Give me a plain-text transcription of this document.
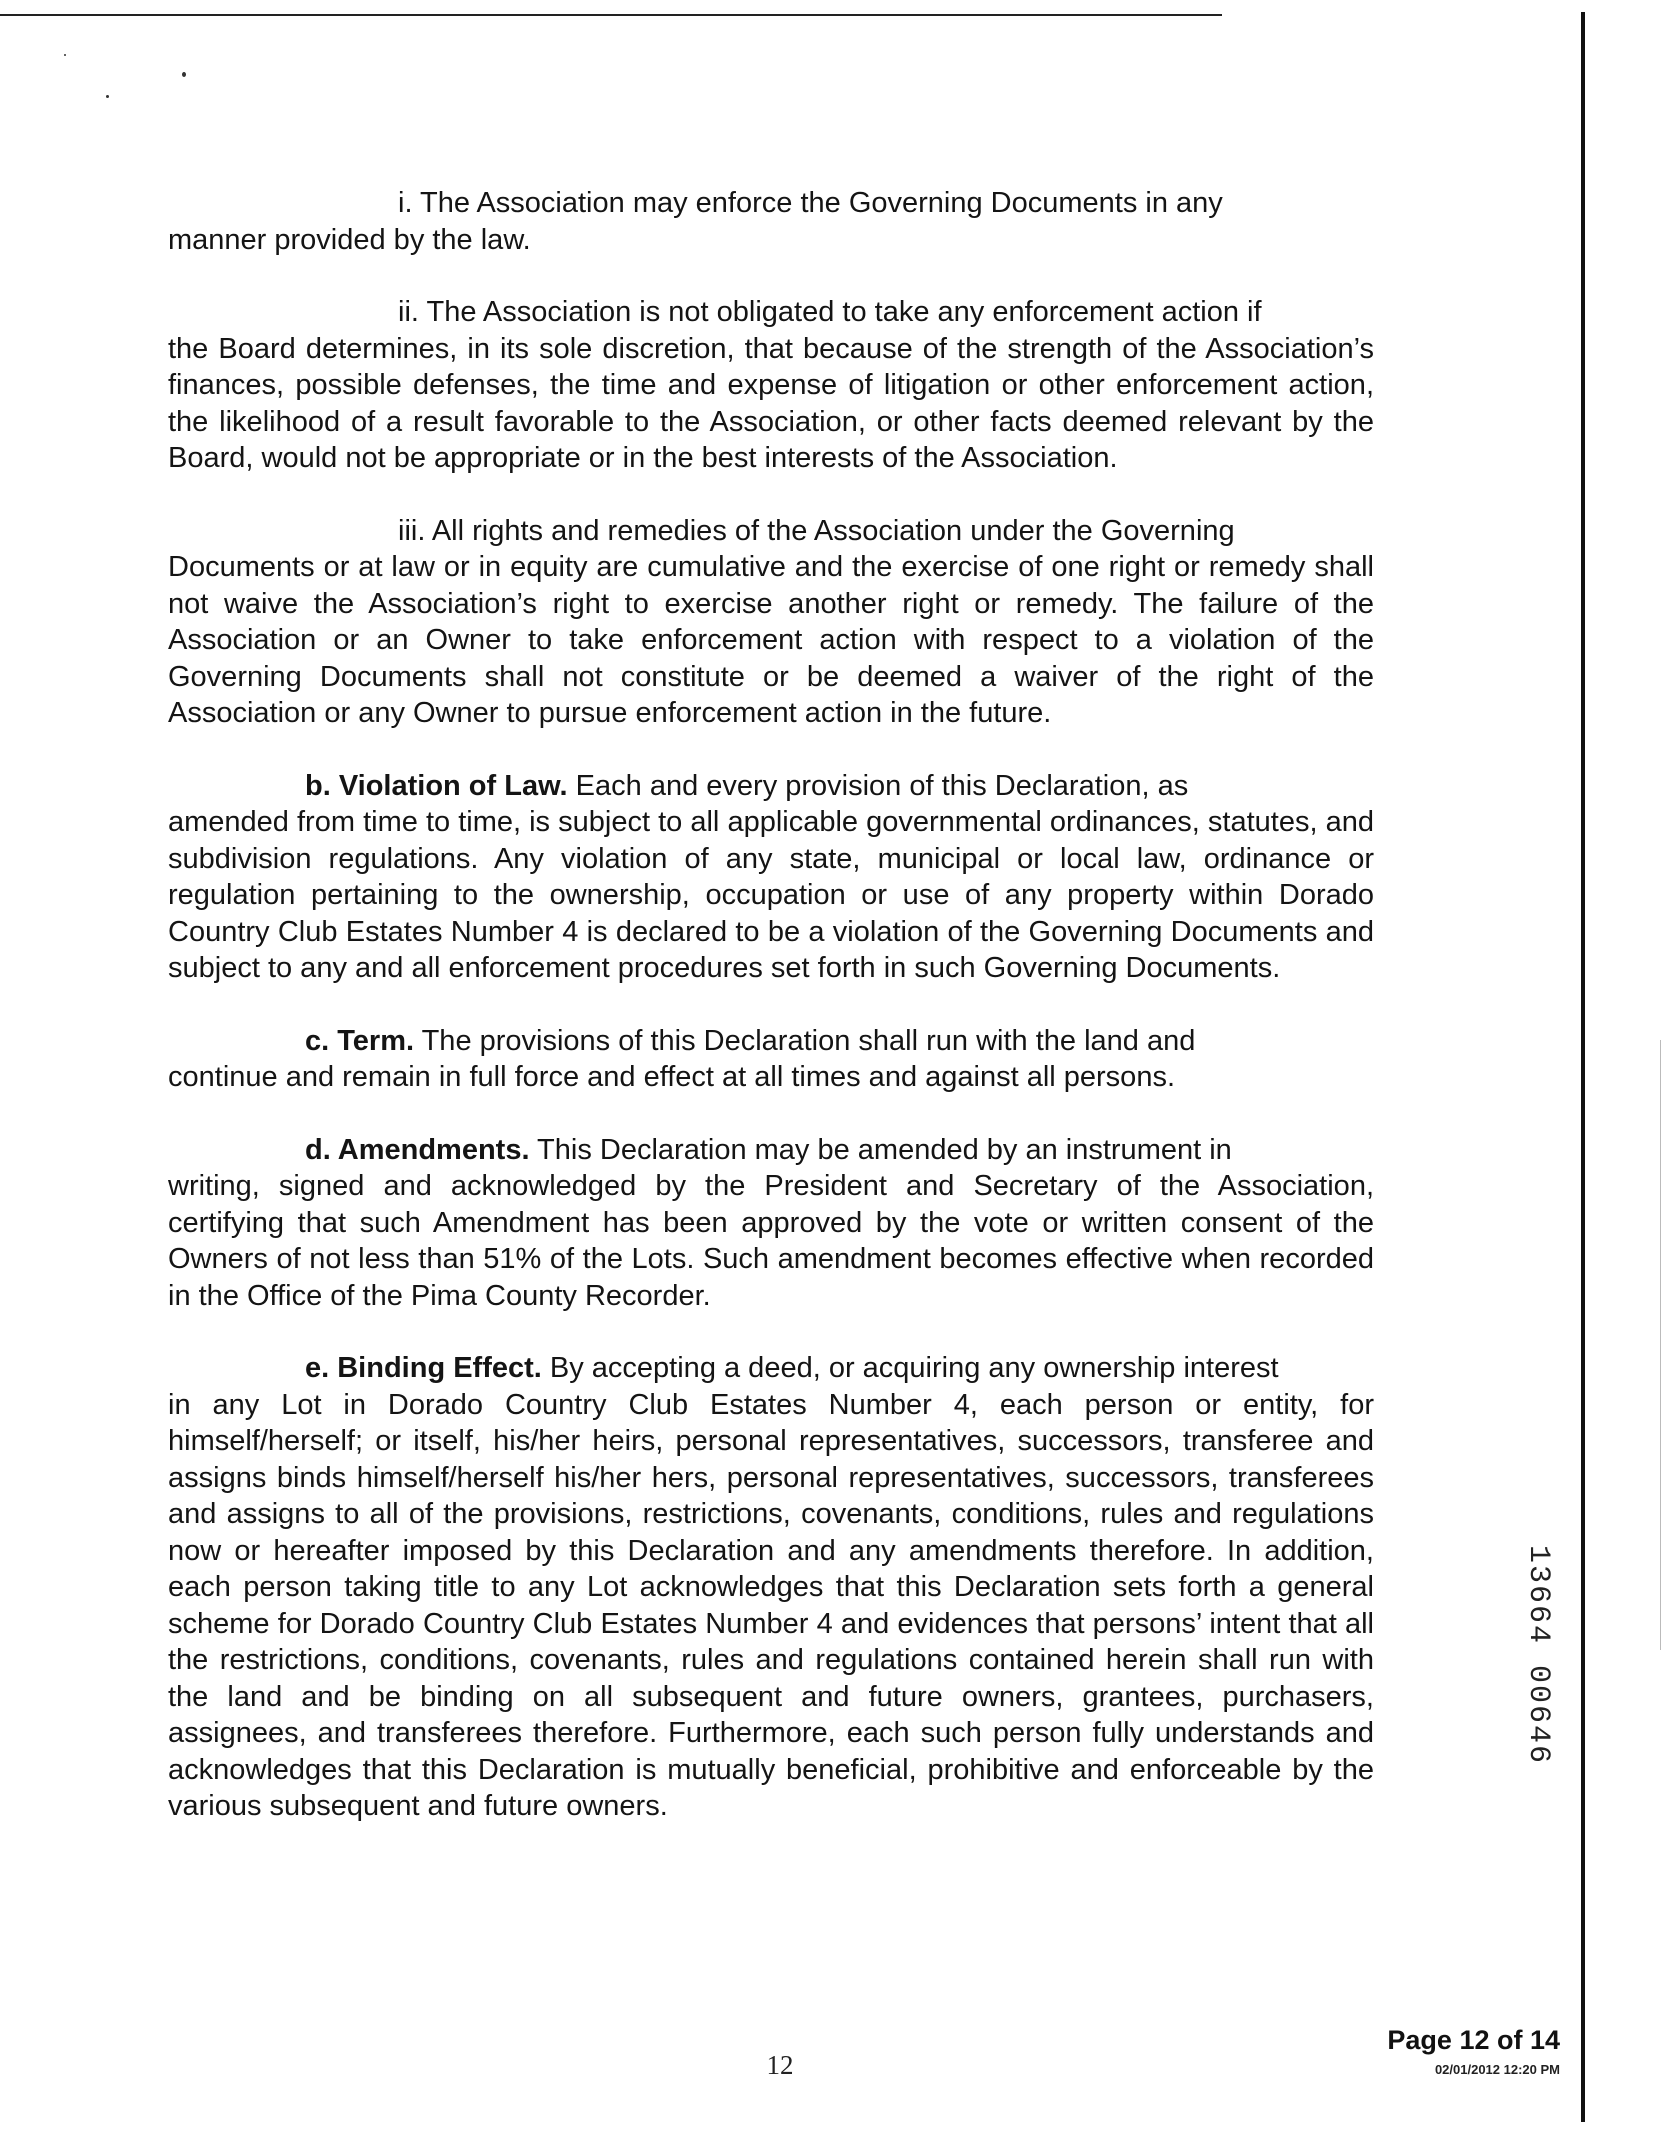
i. The Association may enforce the Governing Documents in any
manner provided by the law.

ii. The Association is not obligated to take any enforcement action if
the Board determines, in its sole discretion, that because of the strength of the Association’s finances, possible defenses, the time and expense of litigation or other enforcement action, the likelihood of a result favorable to the Association, or other facts deemed relevant by the Board, would not be appropriate or in the best interests of the Association.

iii. All rights and remedies of the Association under the Governing
Documents or at law or in equity are cumulative and the exercise of one right or remedy shall not waive the Association’s right to exercise another right or remedy. The failure of the Association or an Owner to take enforcement action with respect to a violation of the Governing Documents shall not constitute or be deemed a waiver of the right of the Association or any Owner to pursue enforcement action in the future.

b. Violation of Law. Each and every provision of this Declaration, as
amended from time to time, is subject to all applicable governmental ordinances, statutes, and subdivision regulations. Any violation of any state, municipal or local law, ordinance or regulation pertaining to the ownership, occupation or use of any property within Dorado Country Club Estates Number 4 is declared to be a violation of the Governing Documents and subject to any and all enforcement procedures set forth in such Governing Documents.

c. Term. The provisions of this Declaration shall run with the land and
continue and remain in full force and effect at all times and against all persons.

d. Amendments. This Declaration may be amended by an instrument in
writing, signed and acknowledged by the President and Secretary of the Association, certifying that such Amendment has been approved by the vote or written consent of the Owners of not less than 51% of the Lots. Such amendment becomes effective when recorded in the Office of the Pima County Recorder.

e. Binding Effect. By accepting a deed, or acquiring any ownership interest
in any Lot in Dorado Country Club Estates Number 4, each person or entity, for himself/herself; or itself, his/her heirs, personal representatives, successors, transferee and assigns binds himself/herself his/her hers, personal representatives, successors, transferees and assigns to all of the provisions, restrictions, covenants, conditions, rules and regulations now or hereafter imposed by this Declaration and any amendments therefore. In addition, each person taking title to any Lot acknowledges that this Declaration sets forth a general scheme for Dorado Country Club Estates Number 4 and evidences that persons’ intent that all the restrictions, conditions, covenants, rules and regulations contained herein shall run with the land and be binding on all subsequent and future owners, grantees, purchasers, assignees, and transferees therefore. Furthermore, each such person fully understands and acknowledges that this Declaration is mutually beneficial, prohibitive and enforceable by the various subsequent and future owners.

13664 00646
12
Page 12 of 14
02/01/2012 12:20 PM
